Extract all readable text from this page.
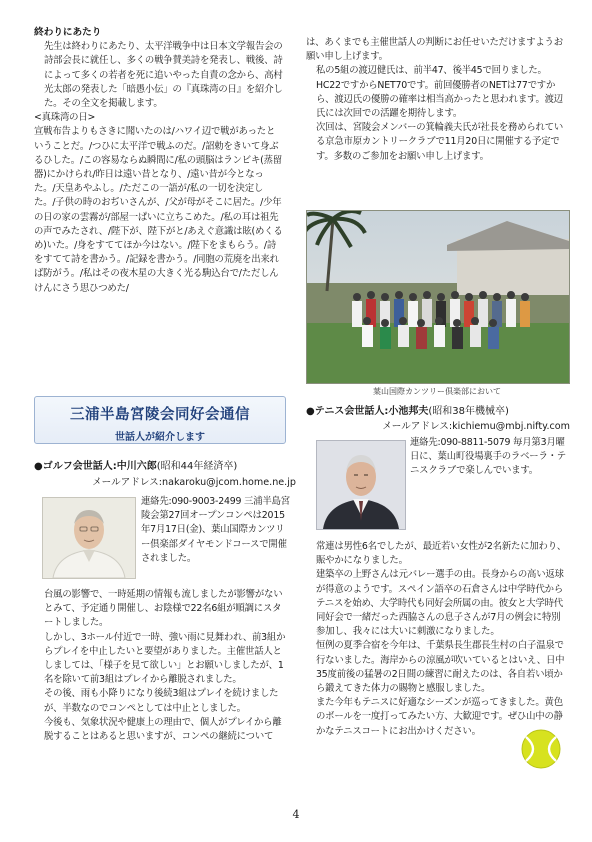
終わりにあたり

先生は終わりにあたり、太平洋戦争中は日本文学報告会の詩部会長に就任し、多くの戦争賛美詩を発表し、戦後、詩によって多くの若者を死に追いやった自責の念から、高村光太郎の発表した「暗愚小伝」の『真珠湾の日』を紹介した。その全文を掲載します。

<真珠湾の日>

宣戦布告よりもさきに聞いたのは/ハワイ辺で戦があったということだ。/つひに太平洋で戦ふのだ。/詔勅をきいて身ぶるひした。/この容易ならぬ瞬間に/私の頭脳はランビキ(蒸留器)にかけられ/昨日は遠い昔となり、/遠い昔が今となった。/天皇あやふし。/ただこの一語が/私の一切を決定した。/子供の時のおぢいさんが、/父が母がそこに居た。/少年の日の家の雲霧が/部屋一ぱいに立ちこめた。/私の耳は祖先の声でみたされ、/陛下が、陛下がと/あえぐ意識は眩(めくるめ)いた。/身をすててほか今はない。/陛下をまもらう。/詩をすてて詩を書かう。/記録を書かう。/同胞の荒廃を出来れば防がう。/私はその夜木星の大きく光る駒込台で/ただしんけんにさう思ひつめた/

三浦半島宮陵会同好会通信
世話人が紹介します
●ゴルフ会世話人:中川六郎(昭和44年経済卒)
メールアドレス:nakaroku@jcom.home.ne.jp
連絡先:090-9003-2499 三浦半島宮陵会第27回オープンコンペは2015年7月17日(金)、葉山国際カンツリー倶楽部ダイヤモンドコースで開催されました。

台風の影響で、一時延期の情報も流しましたが影響がないとみて、予定通り開催し、お陰様で22名6組が順調にスタートしました。

しかし、3ホール付近で一時、強い雨に見舞われ、前3組からプレイを中止したいと要望がありました。主催世話人としましては、「様子を見て欲しい」とお願いしましたが、1名を除いて前3組はプレイから離脱されました。

その後、雨も小降りになり後続3組はプレイを続けましたが、半数なのでコンペとしては中止としました。

今後も、気象状況や健康上の理由で、個人がプレイから離脱することはあると思いますが、コンペの継続について

は、あくまでも主催世話人の判断にお任せいただけますようお願い申し上げます。

私の5組の渡辺健氏は、前半47、後半45で回りました。HC22ですからNET70です。前回優勝者のNETは77ですから、渡辺氏の優勝の確率は相当高かったと思われます。渡辺氏には次回での活躍を期待します。

次回は、宮陵会メンバーの箕輪義夫氏が社長を務められている京急市原カントリークラブで11月20日に開催する予定です。多数のご参加をお願い申し上げます。

葉山国際カンツリー倶楽部において
●テニス会世話人:小池邦夫(昭和38年機械卒)
メールアドレス:kichiemu@mbj.nifty.com
連絡先:090-8811-5079 毎月第3月曜日に、葉山町役場裏手のラベーラ・テニスクラブで楽しんでいます。

常連は男性6名でしたが、最近若い女性が2名新たに加わり、賑やかになりました。

建築卒の上野さんは元バレー選手の由。長身からの高い返球が得意のようです。スペイン語卒の石倉さんは中学時代からテニスを始め、大学時代も同好会所属の由。彼女と大学時代同好会で一緒だった西脇さんの息子さんが7月の例会に特別参加し、我々には大いに刺激になりました。

恒例の夏季合宿を今年は、千葉県長生郡長生村の白子温泉で行ないました。海岸からの涼風が吹いているとはいえ、日中35度前後の猛暑の2日間の練習に耐えたのは、各自若い頃から鍛えてきた体力の賜物と感服しました。

また今年もテニスに好適なシーズンが巡ってきました。黄色のボールを一度打ってみたい方、大歓迎です。ぜひ山中の静かなテニスコートにお出かけください。

4
